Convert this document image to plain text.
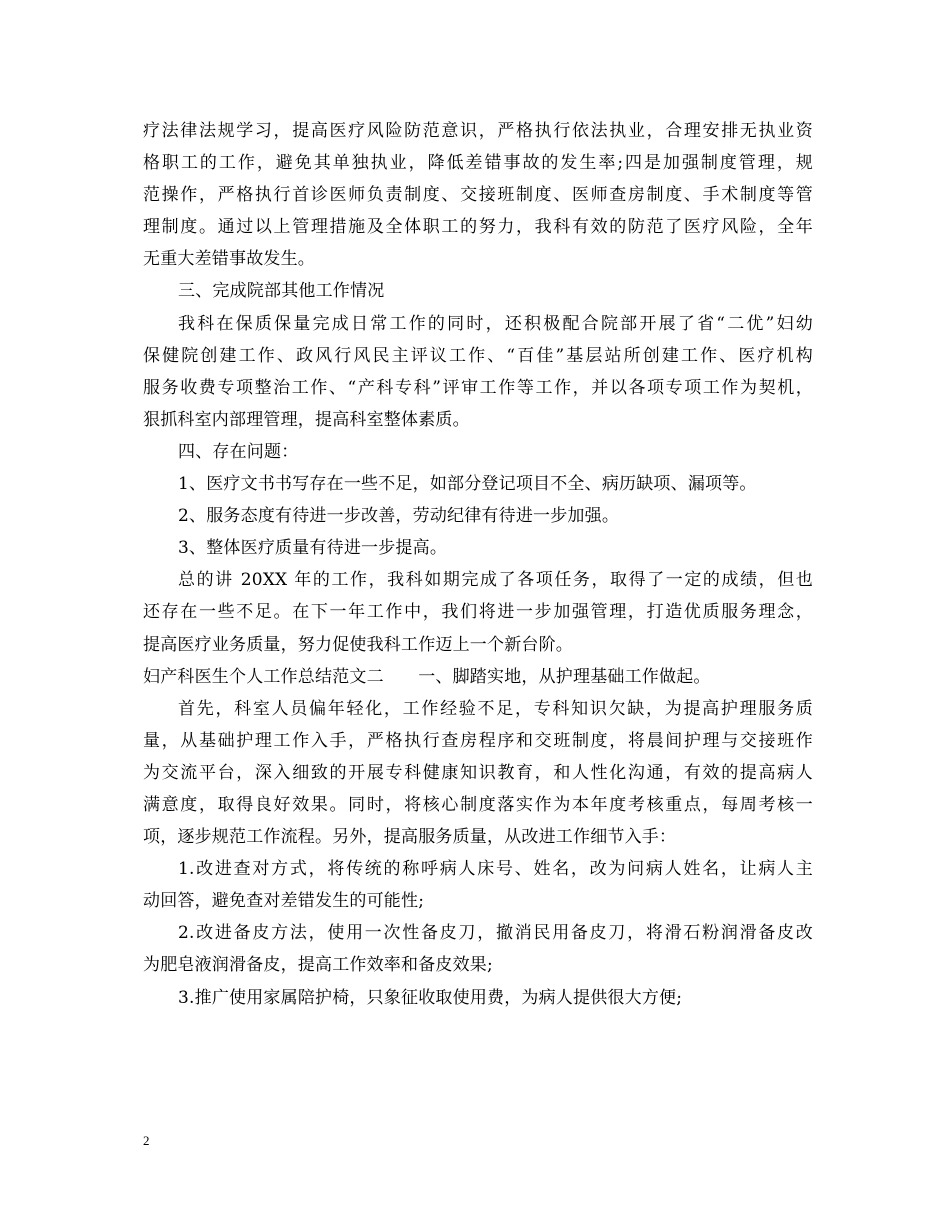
疗法律法规学习，提高医疗风险防范意识，严格执行依法执业，合理安排无执业资
格职工的工作，避免其单独执业，降低差错事故的发生率;四是加强制度管理，规
范操作，严格执行首诊医师负责制度、交接班制度、医师查房制度、手术制度等管
理制度。通过以上管理措施及全体职工的努力，我科有效的防范了医疗风险，全年
无重大差错事故发生。
三、完成院部其他工作情况
我科在保质保量完成日常工作的同时，还积极配合院部开展了省“二优”妇幼
保健院创建工作、政风行风民主评议工作、“百佳”基层站所创建工作、医疗机构
服务收费专项整治工作、“产科专科”评审工作等工作，并以各项专项工作为契机，
狠抓科室内部理管理，提高科室整体素质。
四、存在问题：
1、医疗文书书写存在一些不足，如部分登记项目不全、病历缺项、漏项等。
2、服务态度有待进一步改善，劳动纪律有待进一步加强。
3、整体医疗质量有待进一步提高。
总的讲 20XX 年的工作，我科如期完成了各项任务，取得了一定的成绩，但也
还存在一些不足。在下一年工作中，我们将进一步加强管理，打造优质服务理念，
提高医疗业务质量，努力促使我科工作迈上一个新台阶。
妇产科医生个人工作总结范文二　　一、脚踏实地，从护理基础工作做起。
首先，科室人员偏年轻化，工作经验不足，专科知识欠缺，为提高护理服务质
量，从基础护理工作入手，严格执行查房程序和交班制度，将晨间护理与交接班作
为交流平台，深入细致的开展专科健康知识教育，和人性化沟通，有效的提高病人
满意度，取得良好效果。同时，将核心制度落实作为本年度考核重点，每周考核一
项，逐步规范工作流程。另外，提高服务质量，从改进工作细节入手：
1.改进查对方式，将传统的称呼病人床号、姓名，改为问病人姓名，让病人主
动回答，避免查对差错发生的可能性;
2.改进备皮方法，使用一次性备皮刀，撤消民用备皮刀，将滑石粉润滑备皮改
为肥皂液润滑备皮，提高工作效率和备皮效果;
3.推广使用家属陪护椅，只象征收取使用费，为病人提供很大方便;
2
